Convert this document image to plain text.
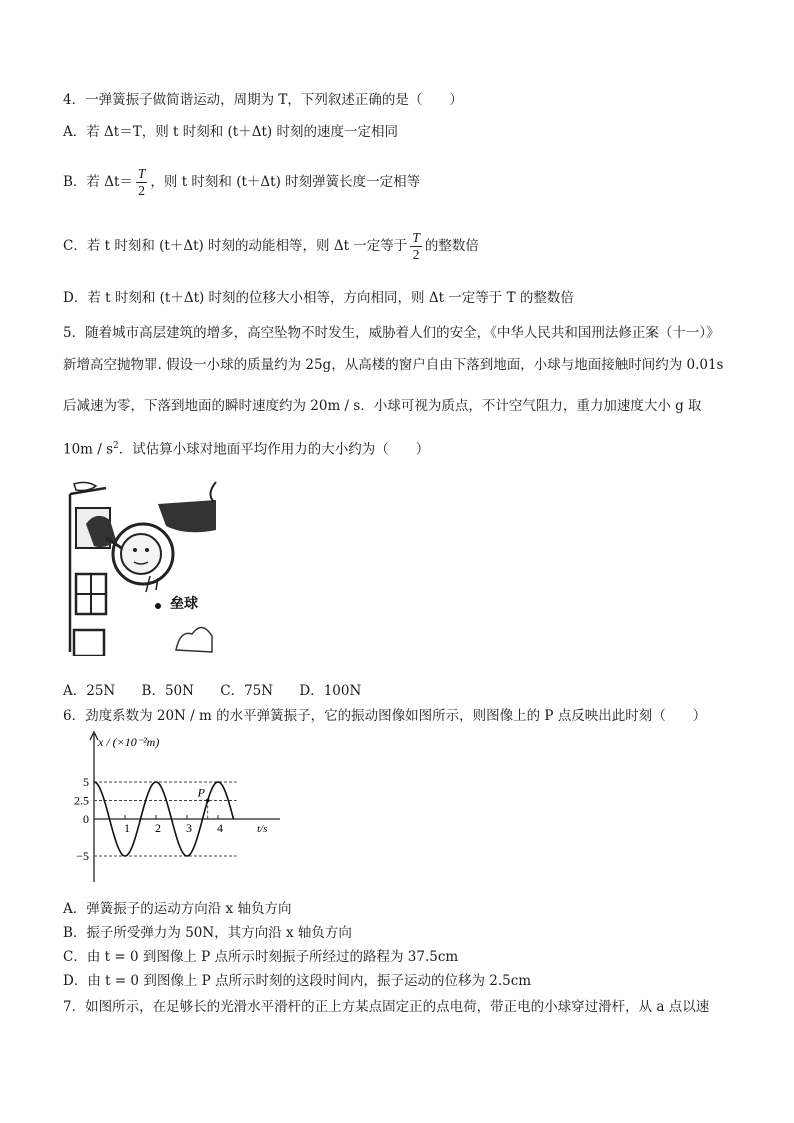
4．一弹簧振子做简谐运动，周期为 T，下列叙述正确的是（　　）
A．若 Δt＝T，则 t 时刻和 (t＋Δt) 时刻的速度一定相同
B．若 $\Delta t= \frac{T}{2}$ ，则 t 时刻和 (t＋Δt) 时刻弹簧长度一定相等
C．若 t 时刻和 (t＋Δt) 时刻的动能相等，则 Δt 一定等于 $\frac{T}{2}$ 的整数倍
D．若 t 时刻和 (t＋Δt) 时刻的位移大小相等，方向相同，则 Δt 一定等于 T 的整数倍
5．随着城市高层建筑的增多，高空坠物不时发生，威胁着人们的安全，《中华人民共和国刑法修正案（十一）》
新增高空抛物罪. 假设一小球的质量约为 25g，从高楼的窗户自由下落到地面，小球与地面接触时间约为 0.01s
后减速为零，下落到地面的瞬时速度约为 20m / s．小球可视为质点，不计空气阻力，重力加速度大小 g 取
$10m / s^2$．试估算小球对地面平均作用力的大小约为（　　）
垒球
A．25N B．50N C．75N D．100N
6．劲度系数为 20N / m 的水平弹簧振子，它的振动图像如图所示，则图像上的 P 点反映出此时刻（　　）
x / (×10⁻²m)
t/s
5
2.5
0
−5
1 2 3 4
P
A．弹簧振子的运动方向沿 x 轴负方向
B．振子所受弹力为 50N，其方向沿 x 轴负方向
C．由 t = 0 到图像上 P 点所示时刻振子所经过的路程为 37.5cm
D．由 t = 0 到图像上 P 点所示时刻的这段时间内，振子运动的位移为 2.5cm
7．如图所示，在足够长的光滑水平滑杆的正上方某点固定正的点电荷，带正电的小球穿过滑杆，从 a 点以速
